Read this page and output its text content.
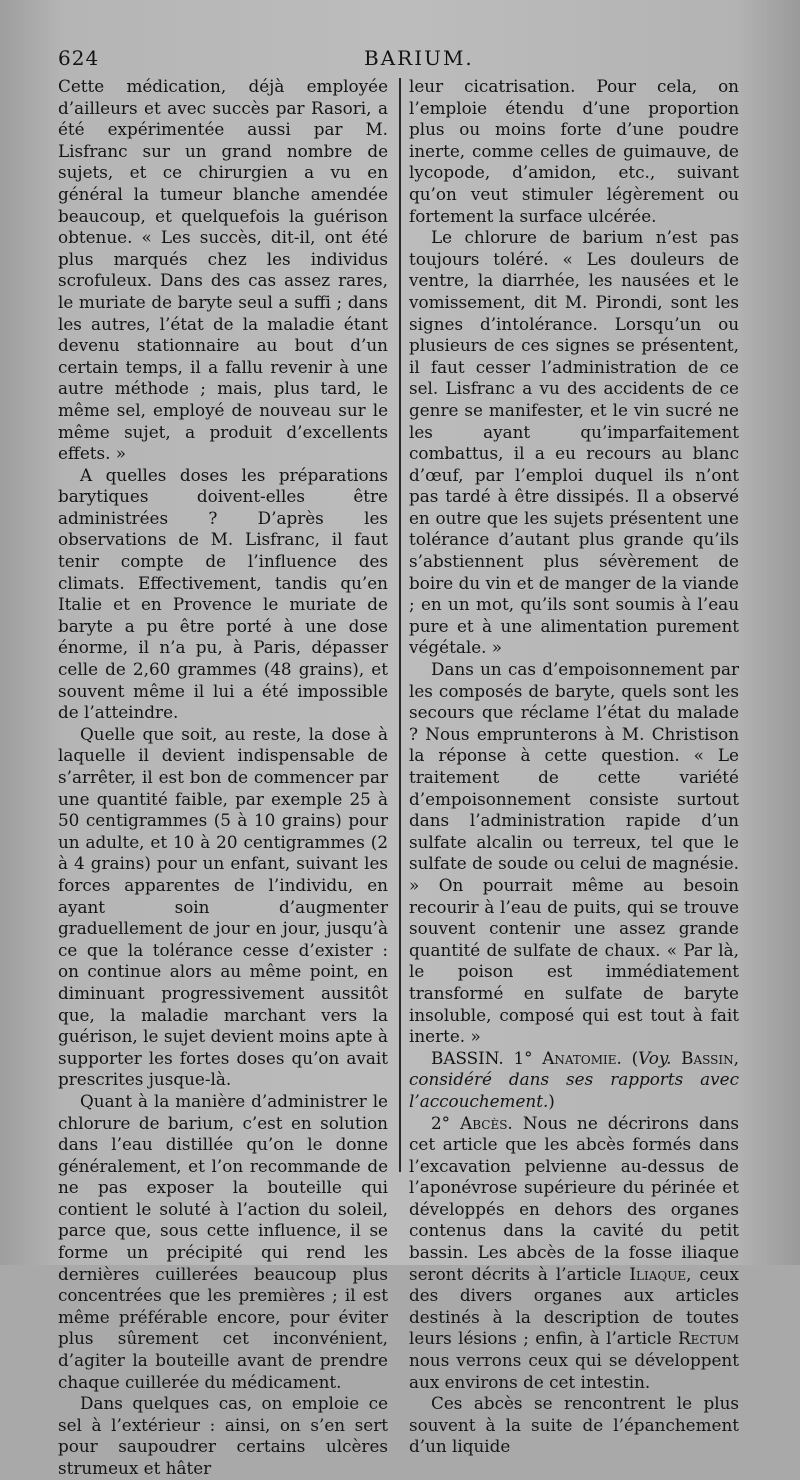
624	BARIUM.

Cette médication, déjà employée d’ailleurs et avec succès par Rasori, a été expérimentée aussi par M. Lisfranc sur un grand nombre de sujets, et ce chirurgien a vu en général la tumeur blanche amendée beaucoup, et quelquefois la guérison obtenue. « Les succès, dit-il, ont été plus marqués chez les individus scrofuleux. Dans des cas assez rares, le muriate de baryte seul a suffi ; dans les autres, l’état de la maladie étant devenu stationnaire au bout d’un certain temps, il a fallu revenir à une autre méthode ; mais, plus tard, le même sel, employé de nouveau sur le même sujet, a produit d’excellents effets. »

A quelles doses les préparations barytiques doivent-elles être administrées ? D’après les observations de M. Lisfranc, il faut tenir compte de l’influence des climats. Effectivement, tandis qu’en Italie et en Provence le muriate de baryte a pu être porté à une dose énorme, il n’a pu, à Paris, dépasser celle de 2,60 grammes (48 grains), et souvent même il lui a été impossible de l’atteindre.

Quelle que soit, au reste, la dose à laquelle il devient indispensable de s’arrêter, il est bon de commencer par une quantité faible, par exemple 25 à 50 centigrammes (5 à 10 grains) pour un adulte, et 10 à 20 centigrammes (2 à 4 grains) pour un enfant, suivant les forces apparentes de l’individu, en ayant soin d’augmenter graduellement de jour en jour, jusqu’à ce que la tolérance cesse d’exister : on continue alors au même point, en diminuant progressivement aussitôt que, la maladie marchant vers la guérison, le sujet devient moins apte à supporter les fortes doses qu’on avait prescrites jusque-là.

Quant à la manière d’administrer le chlorure de barium, c’est en solution dans l’eau distillée qu’on le donne généralement, et l’on recommande de ne pas exposer la bouteille qui contient le soluté à l’action du soleil, parce que, sous cette influence, il se forme un précipité qui rend les dernières cuillerées beaucoup plus concentrées que les premières ; il est même préférable encore, pour éviter plus sûrement cet inconvénient, d’agiter la bouteille avant de prendre chaque cuillerée du médicament.

Dans quelques cas, on emploie ce sel à l’extérieur : ainsi, on s’en sert pour saupoudrer certains ulcères strumeux et hâter

leur cicatrisation. Pour cela, on l’emploie étendu d’une proportion plus ou moins forte d’une poudre inerte, comme celles de guimauve, de lycopode, d’amidon, etc., suivant qu’on veut stimuler légèrement ou fortement la surface ulcérée.

Le chlorure de barium n’est pas toujours toléré. « Les douleurs de ventre, la diarrhée, les nausées et le vomissement, dit M. Pirondi, sont les signes d’intolérance. Lorsqu’un ou plusieurs de ces signes se présentent, il faut cesser l’administration de ce sel. Lisfranc a vu des accidents de ce genre se manifester, et le vin sucré ne les ayant qu’imparfaitement combattus, il a eu recours au blanc d’œuf, par l’emploi duquel ils n’ont pas tardé à être dissipés. Il a observé en outre que les sujets présentent une tolérance d’autant plus grande qu’ils s’abstiennent plus sévèrement de boire du vin et de manger de la viande ; en un mot, qu’ils sont soumis à l’eau pure et à une alimentation purement végétale. »

Dans un cas d’empoisonnement par les composés de baryte, quels sont les secours que réclame l’état du malade ? Nous emprunterons à M. Christison la réponse à cette question. « Le traitement de cette variété d’empoisonnement consiste surtout dans l’administration rapide d’un sulfate alcalin ou terreux, tel que le sulfate de soude ou celui de magnésie. » On pourrait même au besoin recourir à l’eau de puits, qui se trouve souvent contenir une assez grande quantité de sulfate de chaux. « Par là, le poison est immédiatement transformé en sulfate de baryte insoluble, composé qui est tout à fait inerte. »

BASSIN. 1° Anatomie. (Voy. Bassin, considéré dans ses rapports avec l’accouchement.)

2° Abcès. Nous ne décrirons dans cet article que les abcès formés dans l’excavation pelvienne au-dessus de l’aponévrose supérieure du périnée et développés en dehors des organes contenus dans la cavité du petit bassin. Les abcès de la fosse iliaque seront décrits à l’article Iliaque, ceux des divers organes aux articles destinés à la description de toutes leurs lésions ; enfin, à l’article Rectum nous verrons ceux qui se développent aux environs de cet intestin.

Ces abcès se rencontrent le plus souvent à la suite de l’épanchement d’un liquide
